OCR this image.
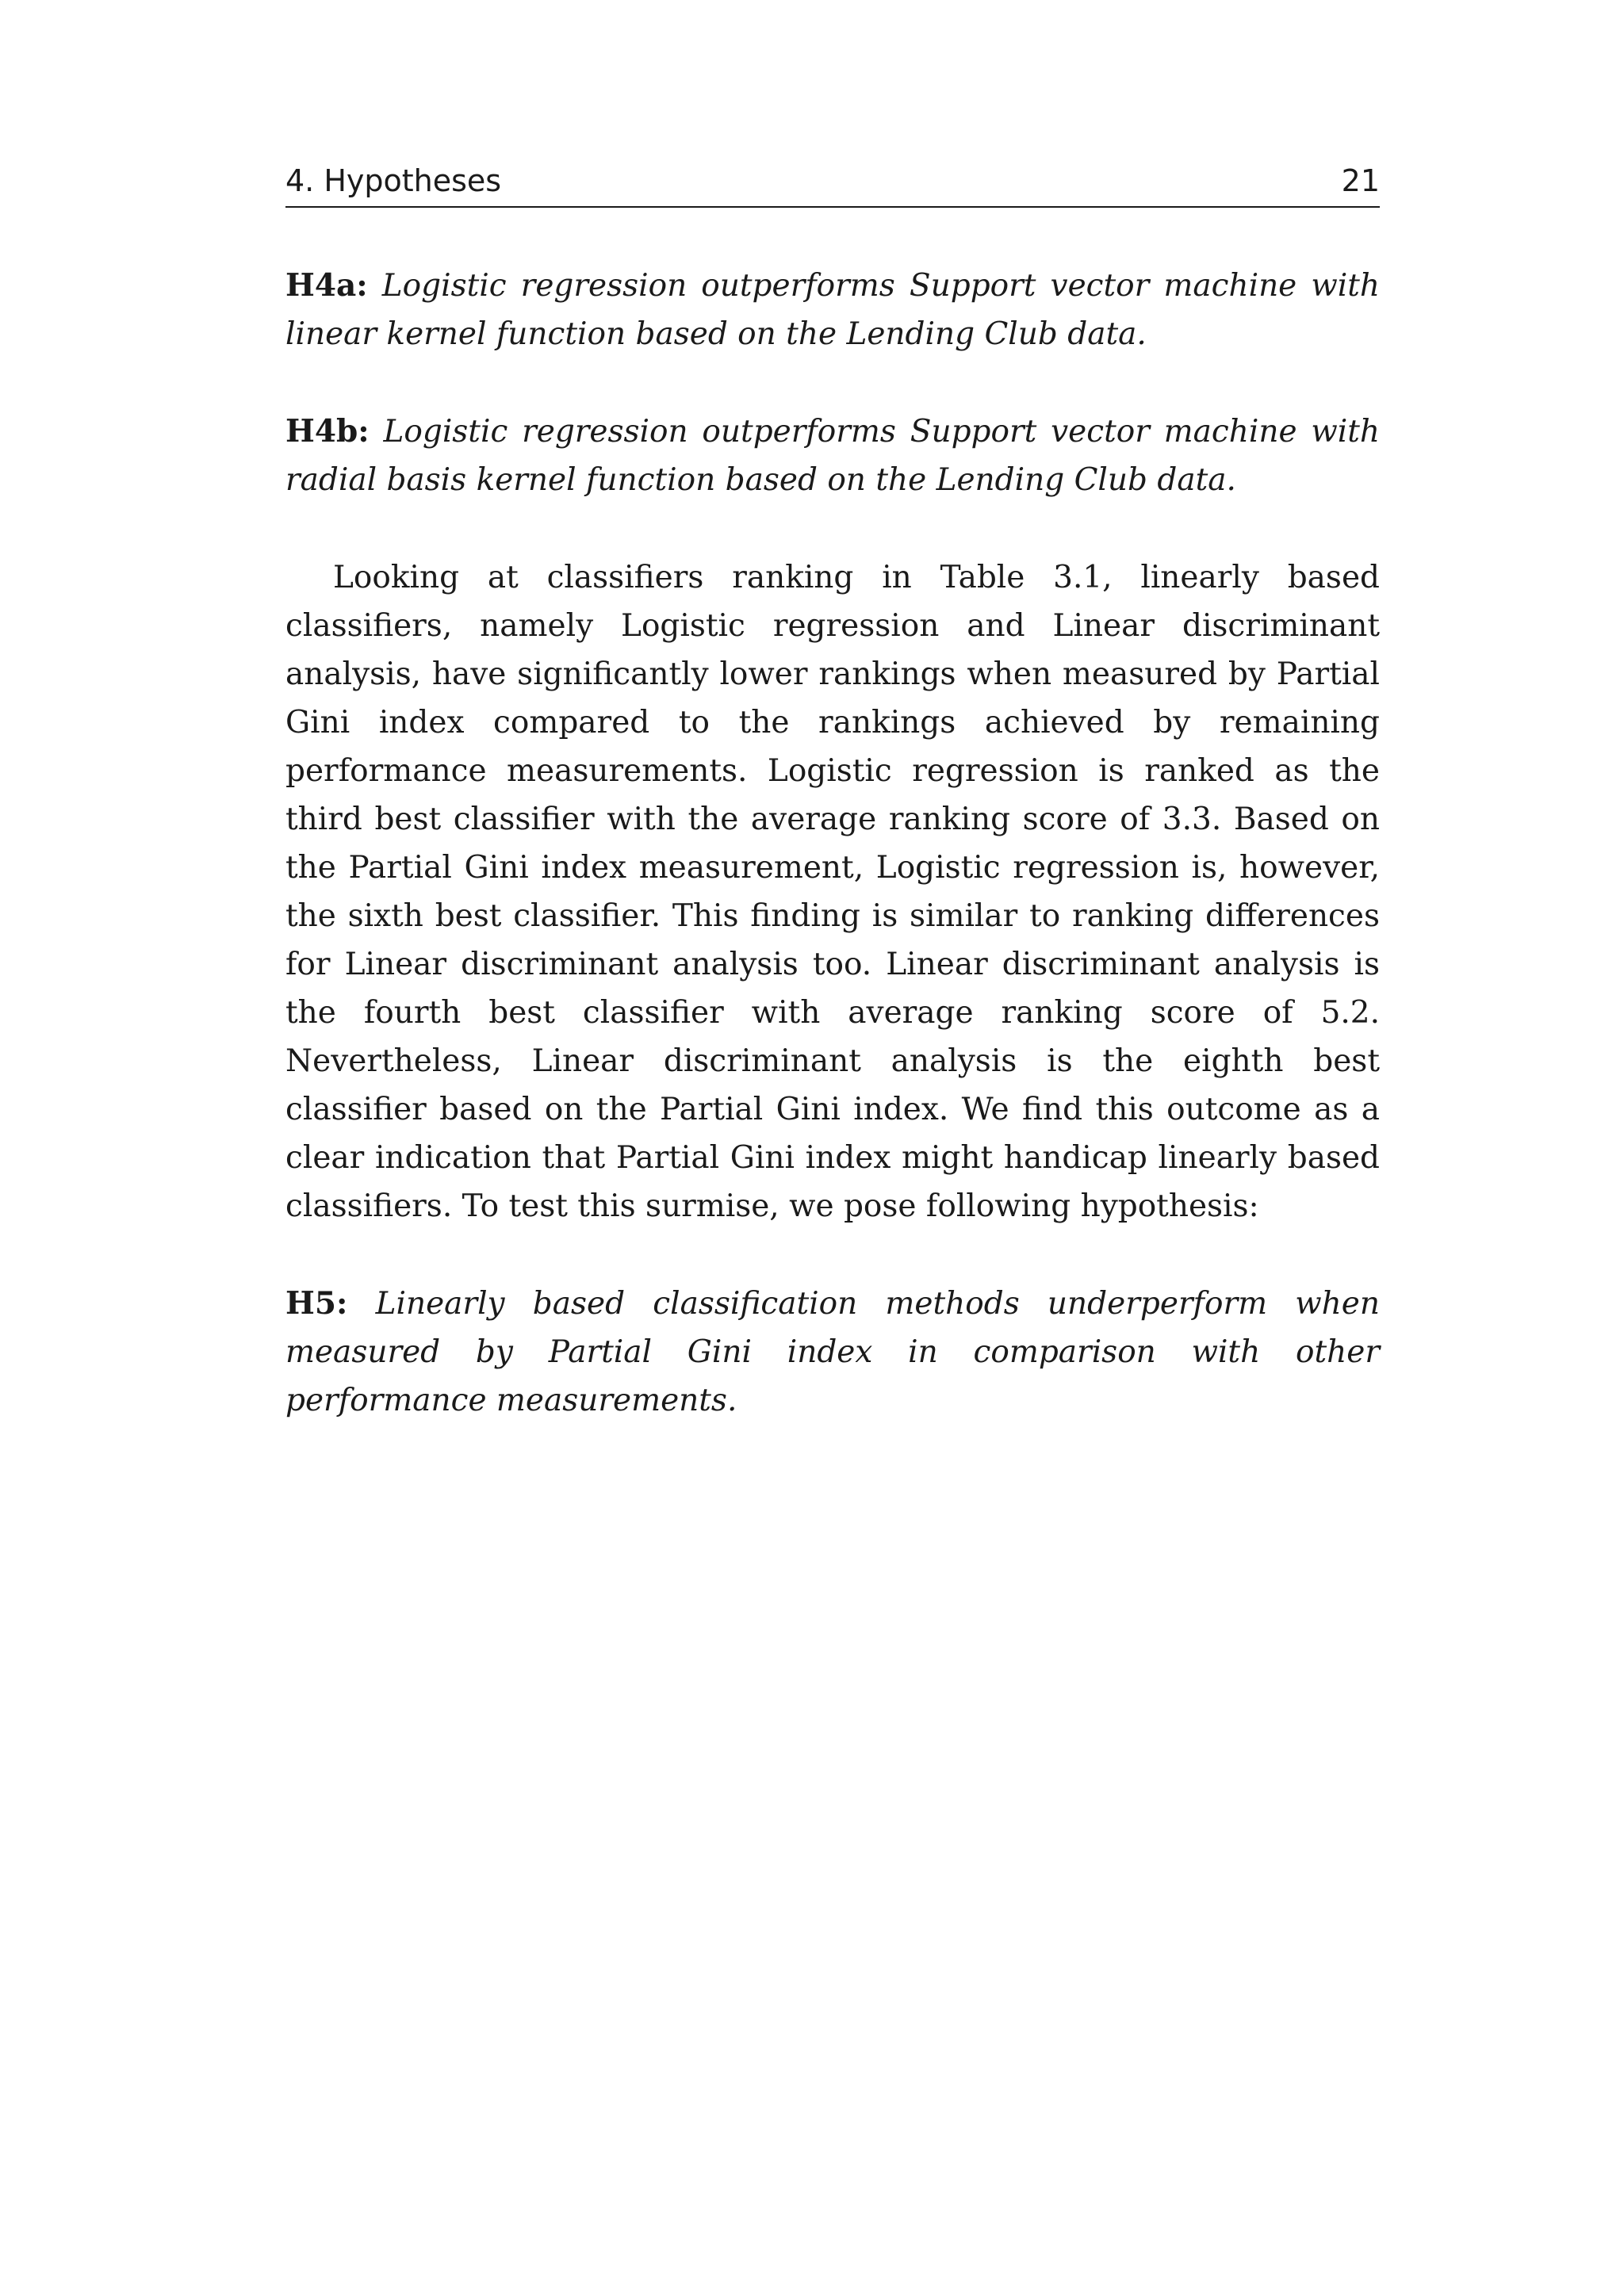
4. Hypotheses	21

H4a: Logistic regression outperforms Support vector machine with linear kernel function based on the Lending Club data.

H4b: Logistic regression outperforms Support vector machine with radial basis kernel function based on the Lending Club data.

Looking at classifiers ranking in Table 3.1, linearly based classifiers, namely Logistic regression and Linear discriminant analysis, have significantly lower rankings when measured by Partial Gini index compared to the rankings achieved by remaining performance measurements. Logistic regression is ranked as the third best classifier with the average ranking score of 3.3. Based on the Partial Gini index measurement, Logistic regression is, however, the sixth best classifier. This finding is similar to ranking differences for Linear discriminant analysis too. Linear discriminant analysis is the fourth best classifier with average ranking score of 5.2. Nevertheless, Linear discriminant analysis is the eighth best classifier based on the Partial Gini index. We find this outcome as a clear indication that Partial Gini index might handicap linearly based classifiers. To test this surmise, we pose following hypothesis:

H5: Linearly based classification methods underperform when measured by Partial Gini index in comparison with other performance measurements.
